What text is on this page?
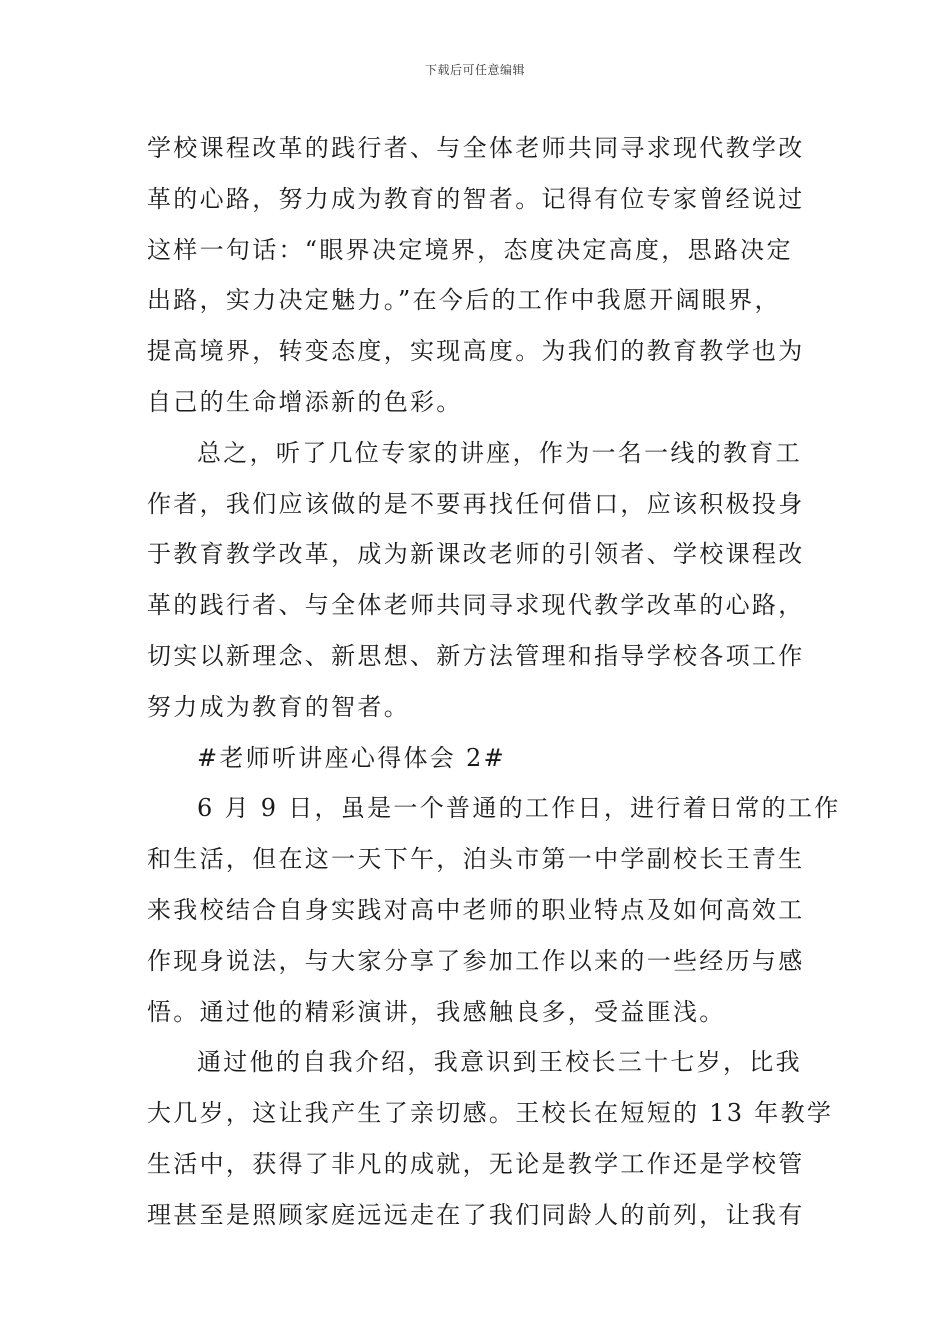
下载后可任意编辑
学校课程改革的践行者、与全体老师共同寻求现代教学改
革的心路，努力成为教育的智者。记得有位专家曾经说过
这样一句话：“眼界决定境界，态度决定高度，思路决定
出路，实力决定魅力。”在今后的工作中我愿开阔眼界，
提高境界，转变态度，实现高度。为我们的教育教学也为
自己的生命增添新的色彩。
总之，听了几位专家的讲座，作为一名一线的教育工
作者，我们应该做的是不要再找任何借口，应该积极投身
于教育教学改革，成为新课改老师的引领者、学校课程改
革的践行者、与全体老师共同寻求现代教学改革的心路，
切实以新理念、新思想、新方法管理和指导学校各项工作
努力成为教育的智者。
#老师听讲座心得体会 2#
6 月 9 日，虽是一个普通的工作日，进行着日常的工作
和生活，但在这一天下午，泊头市第一中学副校长王青生
来我校结合自身实践对高中老师的职业特点及如何高效工
作现身说法，与大家分享了参加工作以来的一些经历与感
悟。通过他的精彩演讲，我感触良多，受益匪浅。
通过他的自我介绍，我意识到王校长三十七岁，比我
大几岁，这让我产生了亲切感。王校长在短短的 13 年教学
生活中，获得了非凡的成就，无论是教学工作还是学校管
理甚至是照顾家庭远远走在了我们同龄人的前列，让我有
